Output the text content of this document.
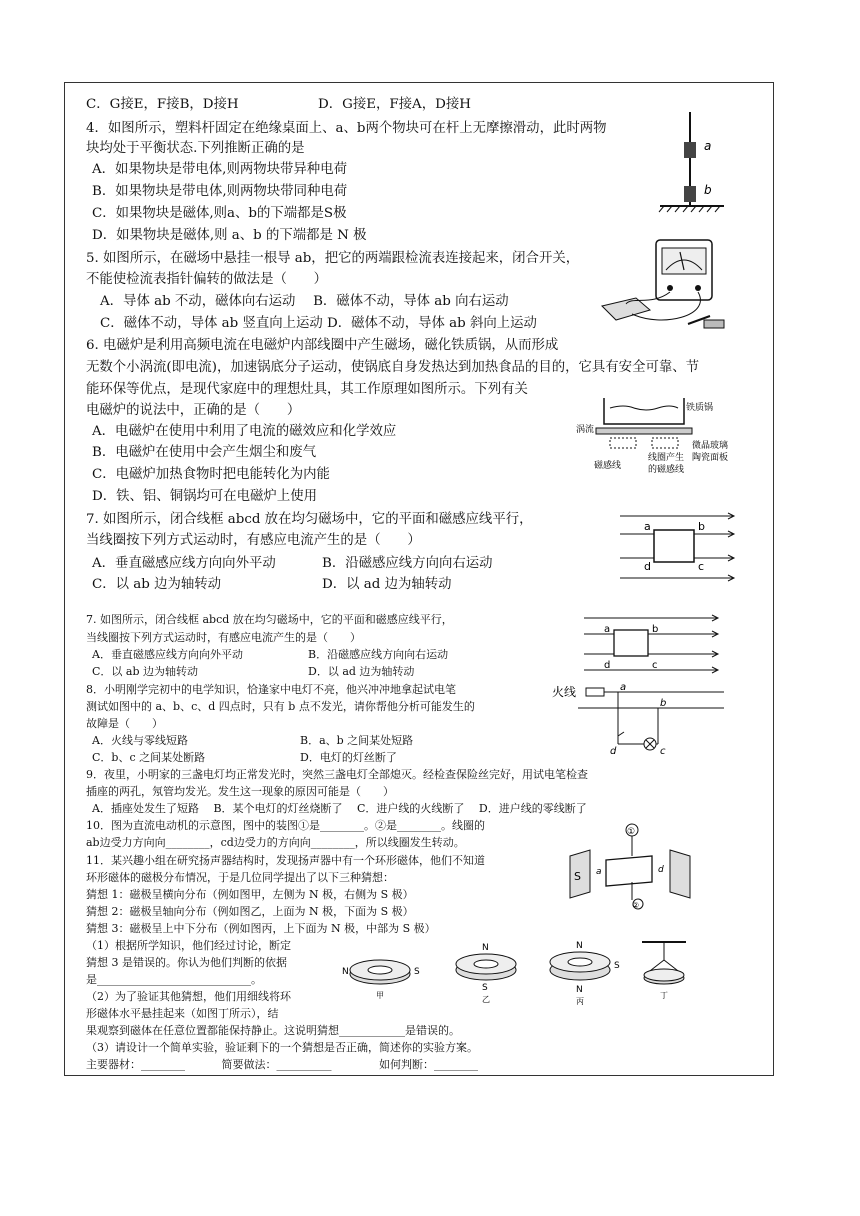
C．G接E，F接B，D接H	D．G接E，F接A，D接H
4．如图所示，塑料杆固定在绝缘桌面上、a、b两个物块可在杆上无摩擦滑动，此时两物
块均处于平衡状态.下列推断正确的是
A．如果物块是带电体,则两物块带异种电荷
B．如果物块是带电体,则两物块带同种电荷
C．如果物块是磁体,则a、b的下端都是S极
D．如果物块是磁体,则 a、b 的下端都是 N 极
5. 如图所示，在磁场中悬挂一根导 ab，把它的两端跟检流表连接起来，闭合开关，
不能使检流表指针偏转的做法是（　　）
A．导体 ab 不动，磁体向右运动　 B．磁体不动，导体 ab 向右运动
C．磁体不动，导体 ab 竖直向上运动 D．磁体不动，导体 ab 斜向上运动
6. 电磁炉是利用高频电流在电磁炉内部线圈中产生磁场，磁化铁质锅，从而形成
无数个小涡流(即电流)，加速锅底分子运动，使锅底自身发热达到加热食品的目的，它具有安全可靠、节
能环保等优点，是现代家庭中的理想灶具，其工作原理如图所示。下列有关
电磁炉的说法中，正确的是（　　）
A．电磁炉在使用中利用了电流的磁效应和化学效应
B．电磁炉在使用中会产生烟尘和废气
C．电磁炉加热食物时把电能转化为内能
D．铁、铝、铜锅均可在电磁炉上使用
7. 如图所示，闭合线框 abcd 放在均匀磁场中，它的平面和磁感应线平行，
当线圈按下列方式运动时，有感应电流产生的是（　　）
A．垂直磁感应线方向向外平动	B．沿磁感应线方向向右运动
C．以 ab 边为轴转动	D．以 ad 边为轴转动
7. 如图所示，闭合线框 abcd 放在均匀磁场中，它的平面和磁感应线平行，
当线圈按下列方式运动时，有感应电流产生的是（　　）
A．垂直磁感应线方向向外平动	B．沿磁感应线方向向右运动
C．以 ab 边为轴转动	D．以 ad 边为轴转动
8．小明刚学完初中的电学知识，恰逢家中电灯不亮，他兴冲冲地拿起试电笔
测试如图中的 a、b、c、d 四点时，只有 b 点不发光，请你帮他分析可能发生的
故障是（　　）
A．火线与零线短路	B．a、b 之间某处短路
C．b、c 之间某处断路	D．电灯的灯丝断了
9．夜里，小明家的三盏电灯均正常发光时，突然三盏电灯全部熄灭。经检查保险丝完好，用试电笔检查
插座的两孔，氖管均发光。发生这一现象的原因可能是（　　）
A．插座处发生了短路　 B．某个电灯的灯丝烧断了　 C．进户线的火线断了　 D．进户线的零线断了
10．图为直流电动机的示意图，图中的装图①是________。②是________。线圈的
ab边受力方向向________，cd边受力的方向向________，所以线圈发生转动。
11．某兴趣小组在研究扬声器结构时，发现扬声器中有一个环形磁体，他们不知道
环形磁体的磁极分布情况，于是几位同学提出了以下三种猜想：
猜想 1：磁极呈横向分布（例如图甲，左侧为 N 极，右侧为 S 极）
猜想 2：磁极呈轴向分布（例如图乙，上面为 N 极，下面为 S 极）
猜想 3：磁极呈上中下分布（例如图丙，上下面为 N 极，中部为 S 极）
（1）根据所学知识，他们经过讨论，断定
猜想 3 是错误的。你认为他们判断的依据
是____________________________。
（2）为了验证其他猜想，他们用细线将环
形磁体水平悬挂起来（如图丁所示），结
果观察到磁体在任意位置都能保持静止。这说明猜想____________是错误的。
（3）请设计一个简单实验，验证剩下的一个猜想是否正确，简述你的实验方案。
主要器材：________　　　 简要做法：__________　　　　 如何判断：________
a
b
铁质锅
涡流
磁感线
线圈产生
的磁感线
微晶玻璃
陶瓷面板
a	b
d	c
a	b
d	c
火线	a
b
d	c
①
S a	d
②
N	S
甲
N
S
乙
N
N
S
丙
丁
